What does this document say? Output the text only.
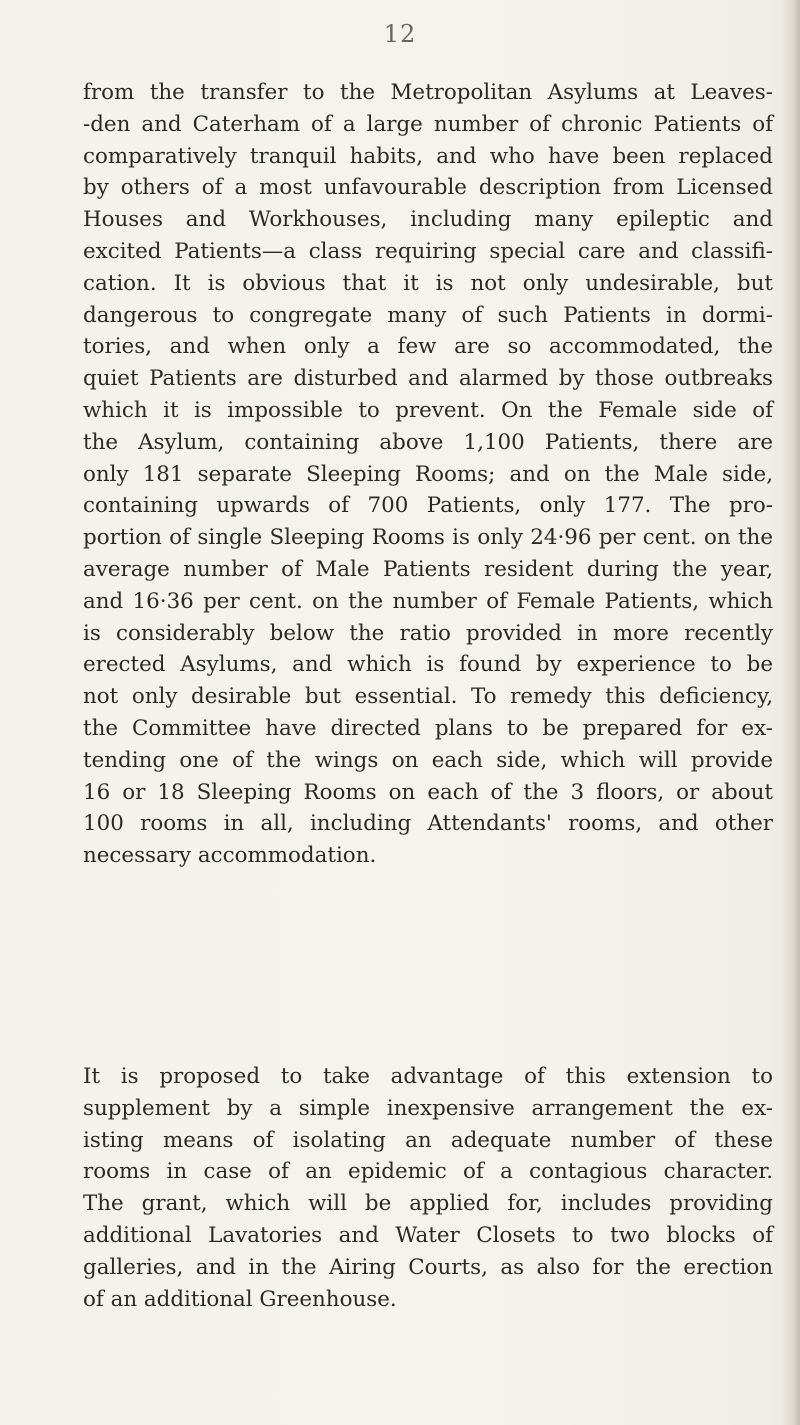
12
from the transfer to the Metropolitan Asylums at Leaves-
-den and Caterham of a large number of chronic Patients of
comparatively tranquil habits, and who have been replaced
by others of a most unfavourable description from Licensed
Houses and Workhouses, including many epileptic and
excited Patients—a class requiring special care and classifi-
cation. It is obvious that it is not only undesirable, but
dangerous to congregate many of such Patients in dormi-
tories, and when only a few are so accommodated, the
quiet Patients are disturbed and alarmed by those outbreaks
which it is impossible to prevent. On the Female side of
the Asylum, containing above 1,100 Patients, there are
only 181 separate Sleeping Rooms; and on the Male side,
containing upwards of 700 Patients, only 177. The pro-
portion of single Sleeping Rooms is only 24·96 per cent. on the
average number of Male Patients resident during the year,
and 16·36 per cent. on the number of Female Patients, which
is considerably below the ratio provided in more recently
erected Asylums, and which is found by experience to be
not only desirable but essential. To remedy this deficiency,
the Committee have directed plans to be prepared for ex-
tending one of the wings on each side, which will provide
16 or 18 Sleeping Rooms on each of the 3 floors, or about
100 rooms in all, including Attendants' rooms, and other
necessary accommodation.
It is proposed to take advantage of this extension to
supplement by a simple inexpensive arrangement the ex-
isting means of isolating an adequate number of these
rooms in case of an epidemic of a contagious character.
The grant, which will be applied for, includes providing
additional Lavatories and Water Closets to two blocks of
galleries, and in the Airing Courts, as also for the erection
of an additional Greenhouse.
